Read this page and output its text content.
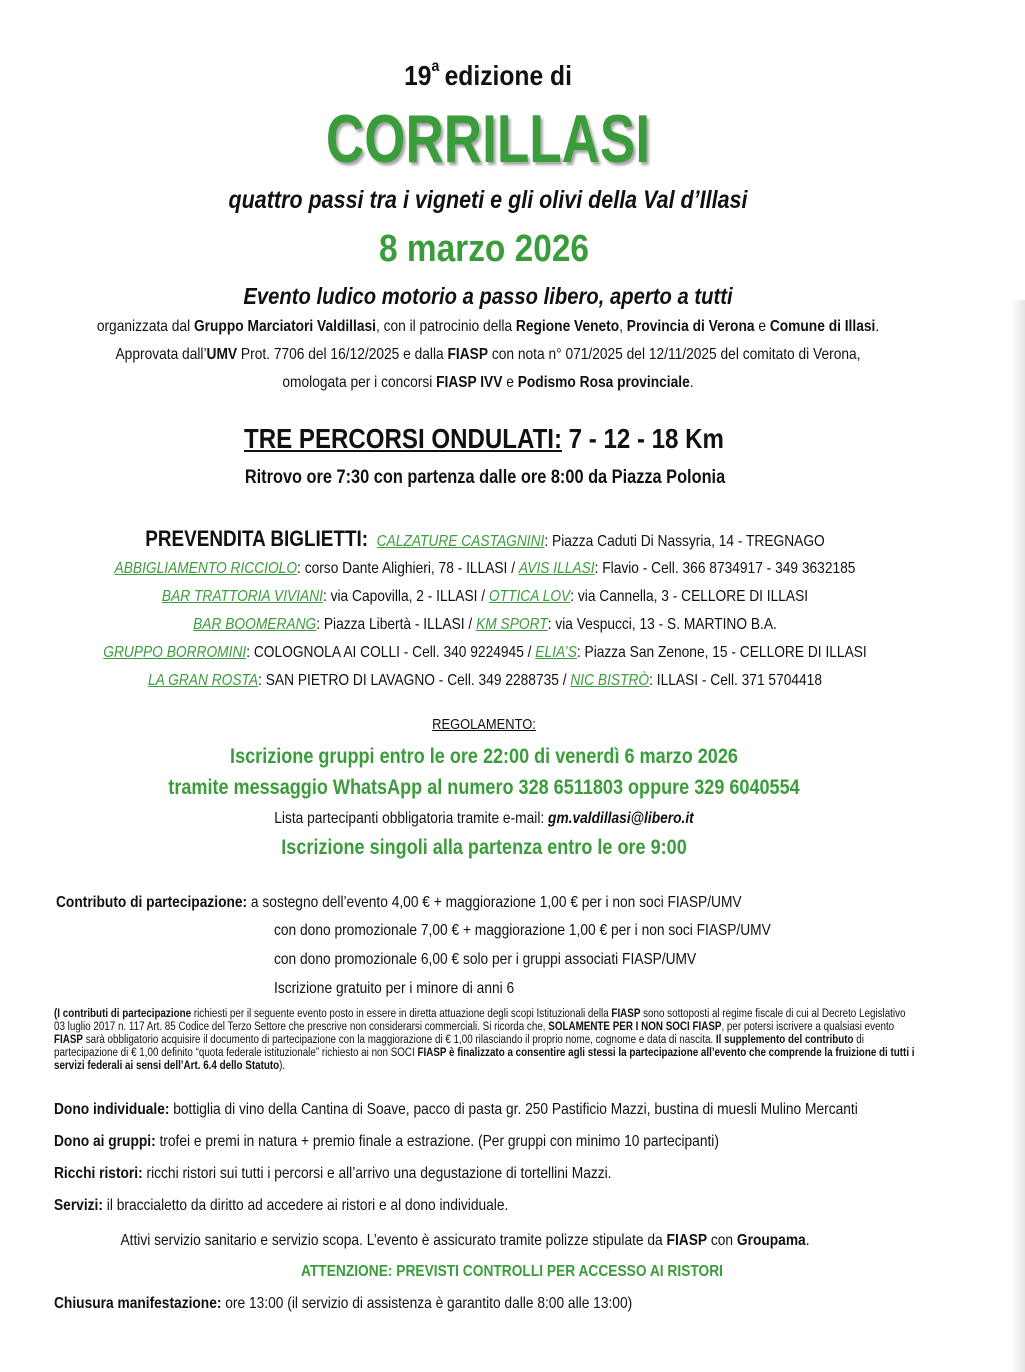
19$^a$ edizione di
CORRILLASI
quattro passi tra i vigneti e gli olivi della Val d’Illasi
8 marzo 2026
Evento ludico motorio a passo libero, aperto a tutti
organizzata dal Gruppo Marciatori Valdillasi, con il patrocinio della Regione Veneto, Provincia di Verona e Comune di Illasi.
Approvata dall’UMV Prot. 7706 del 16/12/2025 e dalla FIASP con nota n° 071/2025 del 12/11/2025 del comitato di Verona,
omologata per i concorsi FIASP IVV e Podismo Rosa provinciale.
TRE PERCORSI ONDULATI: 7 - 12 - 18 Km
Ritrovo ore 7:30 con partenza dalle ore 8:00 da Piazza Polonia
PREVENDITA BIGLIETTI: CALZATURE CASTAGNINI: Piazza Caduti Di Nassyria, 14 - TREGNAGO
ABBIGLIAMENTO RICCIOLO: corso Dante Alighieri, 78 - ILLASI / AVIS ILLASI: Flavio - Cell. 366 8734917 - 349 3632185
BAR TRATTORIA VIVIANI: via Capovilla, 2 - ILLASI / OTTICA LOV: via Cannella, 3 - CELLORE DI ILLASI
BAR BOOMERANG: Piazza Libertà - ILLASI / KM SPORT: via Vespucci, 13 - S. MARTINO B.A.
GRUPPO BORROMINI: COLOGNOLA AI COLLI - Cell. 340 9224945 / ELIA’S: Piazza San Zenone, 15 - CELLORE DI ILLASI
LA GRAN ROSTA: SAN PIETRO DI LAVAGNO - Cell. 349 2288735 / NIC BISTRÒ: ILLASI - Cell. 371 5704418
REGOLAMENTO:
Iscrizione gruppi entro le ore 22:00 di venerdì 6 marzo 2026
tramite messaggio WhatsApp al numero 328 6511803 oppure 329 6040554
Lista partecipanti obbligatoria tramite e-mail: gm.valdillasi@libero.it
Iscrizione singoli alla partenza entro le ore 9:00
Contributo di partecipazione: a sostegno dell’evento 4,00 € + maggiorazione 1,00 € per i non soci FIASP/UMV
con dono promozionale 7,00 € + maggiorazione 1,00 € per i non soci FIASP/UMV
con dono promozionale 6,00 € solo per i gruppi associati FIASP/UMV
Iscrizione gratuito per i minore di anni 6
(I contributi di partecipazione richiesti per il seguente evento posto in essere in diretta attuazione degli scopi Istituzionali della FIASP sono sottoposti al regime fiscale di cui al Decreto Legislativo 03 luglio 2017 n. 117 Art. 85 Codice del Terzo Settore che prescrive non considerarsi commerciali. Si ricorda che, SOLAMENTE PER I NON SOCI FIASP, per potersi iscrivere a qualsiasi evento FIASP sarà obbligatorio acquisire il documento di partecipazione con la maggiorazione di € 1,00 rilasciando il proprio nome, cognome e data di nascita. Il supplemento del contributo di partecipazione di € 1,00 definito “quota federale istituzionale” richiesto ai non SOCI FIASP è finalizzato a consentire agli stessi la partecipazione all’evento che comprende la fruizione di tutti i servizi federali ai sensi dell’Art. 6.4 dello Statuto).
Dono individuale: bottiglia di vino della Cantina di Soave, pacco di pasta gr. 250 Pastificio Mazzi, bustina di muesli Mulino Mercanti
Dono ai gruppi: trofei e premi in natura + premio finale a estrazione. (Per gruppi con minimo 10 partecipanti)
Ricchi ristori: ricchi ristori sui tutti i percorsi e all’arrivo una degustazione di tortellini Mazzi.
Servizi: il braccialetto da diritto ad accedere ai ristori e al dono individuale.
Attivi servizio sanitario e servizio scopa. L’evento è assicurato tramite polizze stipulate da FIASP con Groupama.
ATTENZIONE: PREVISTI CONTROLLI PER ACCESSO AI RISTORI
Chiusura manifestazione: ore 13:00 (il servizio di assistenza è garantito dalle 8:00 alle 13:00)
